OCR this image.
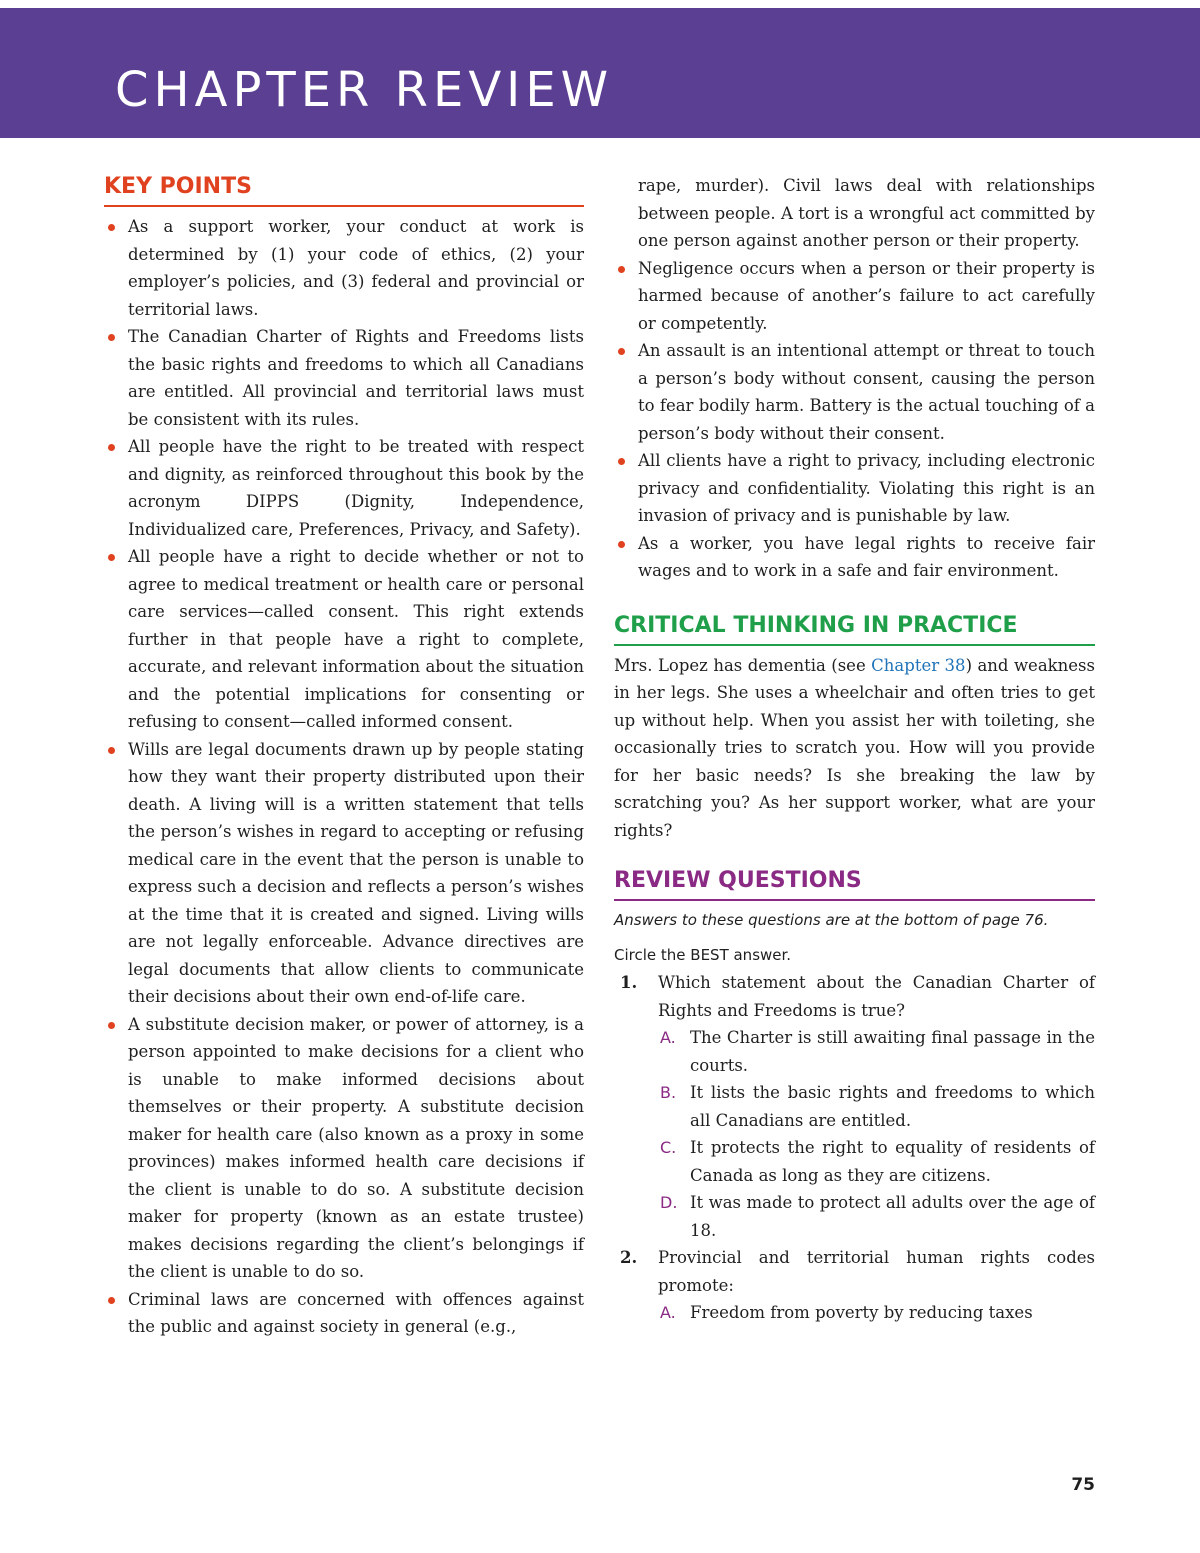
CHAPTER REVIEW
KEY POINTS
As a support worker, your conduct at work is determined by (1) your code of ethics, (2) your employer’s policies, and (3) federal and provincial or territorial laws.
The Canadian Charter of Rights and Freedoms lists the basic rights and freedoms to which all Canadians are entitled. All provincial and territorial laws must be consistent with its rules.
All people have the right to be treated with respect and dignity, as reinforced throughout this book by the acronym DIPPS (Dignity, Independence, Individualized care, Preferences, Privacy, and Safety).
All people have a right to decide whether or not to agree to medical treatment or health care or personal care services—called consent. This right extends further in that people have a right to complete, accurate, and relevant information about the situation and the potential implications for consenting or refusing to consent—called informed consent.
Wills are legal documents drawn up by people stating how they want their property distributed upon their death. A living will is a written statement that tells the person’s wishes in regard to accepting or refusing medical care in the event that the person is unable to express such a decision and reflects a person’s wishes at the time that it is created and signed. Living wills are not legally enforceable. Advance directives are legal documents that allow clients to communicate their decisions about their own end-of-life care.
A substitute decision maker, or power of attorney, is a person appointed to make decisions for a client who is unable to make informed decisions about themselves or their property. A substitute decision maker for health care (also known as a proxy in some provinces) makes informed health care decisions if the client is unable to do so. A substitute decision maker for property (known as an estate trustee) makes decisions regarding the client’s belongings if the client is unable to do so.
Criminal laws are concerned with offences against the public and against society in general (e.g.,
rape, murder). Civil laws deal with relationships between people. A tort is a wrongful act committed by one person against another person or their property.
Negligence occurs when a person or their property is harmed because of another’s failure to act carefully or competently.
An assault is an intentional attempt or threat to touch a person’s body without consent, causing the person to fear bodily harm. Battery is the actual touching of a person’s body without their consent.
All clients have a right to privacy, including electronic privacy and confidentiality. Violating this right is an invasion of privacy and is punishable by law.
As a worker, you have legal rights to receive fair wages and to work in a safe and fair environment.
CRITICAL THINKING IN PRACTICE

Mrs. Lopez has dementia (see Chapter 38) and weakness in her legs. She uses a wheelchair and often tries to get up without help. When you assist her with toileting, she occasionally tries to scratch you. How will you provide for her basic needs? Is she breaking the law by scratching you? As her support worker, what are your rights?

REVIEW QUESTIONS

Answers to these questions are at the bottom of page 76.

Circle the BEST answer.

1. Which statement about the Canadian Charter of Rights and Freedoms is true?
A. The Charter is still awaiting final passage in the courts.
B. It lists the basic rights and freedoms to which all Canadians are entitled.
C. It protects the right to equality of residents of Canada as long as they are citizens.
D. It was made to protect all adults over the age of 18.
2. Provincial and territorial human rights codes promote:
A. Freedom from poverty by reducing taxes
75
